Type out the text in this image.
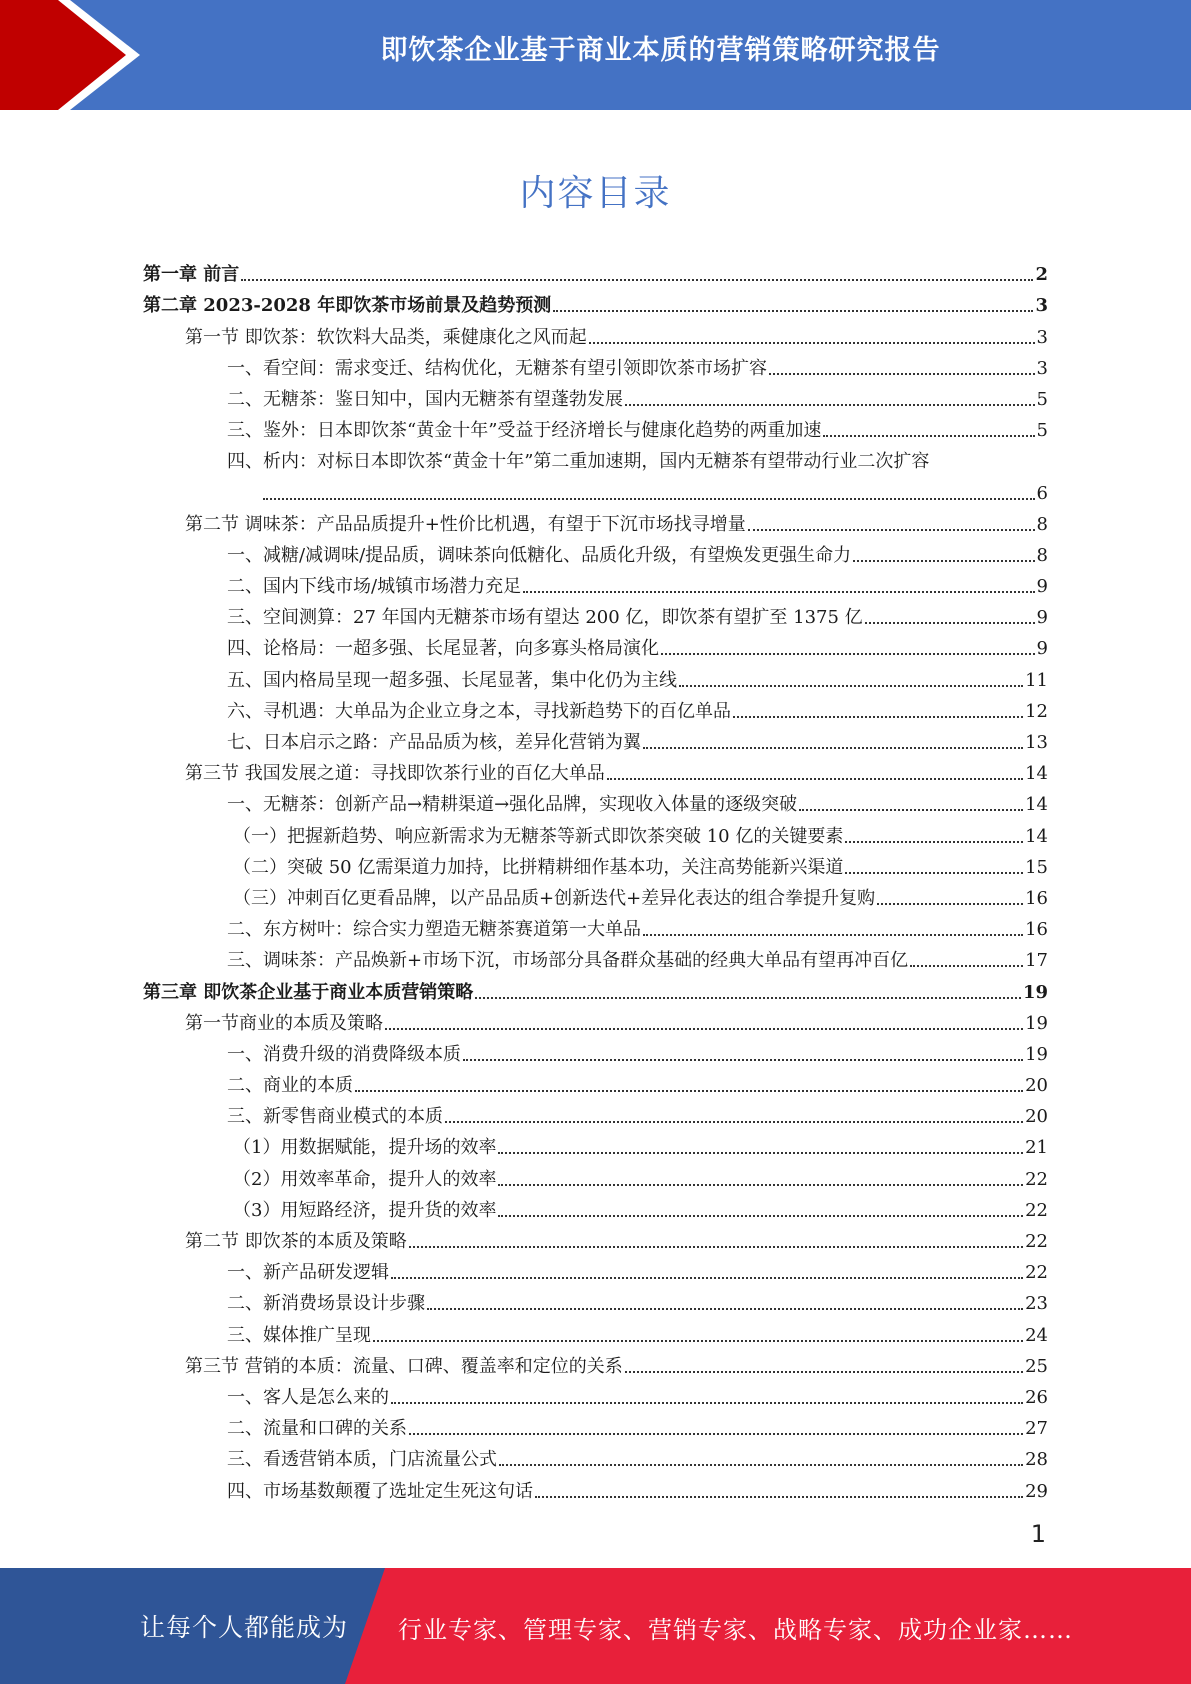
即饮茶企业基于商业本质的营销策略研究报告
内容目录
第一章 前言	2
第二章 2023-2028 年即饮茶市场前景及趋势预测	3
第一节 即饮茶：软饮料大品类，乘健康化之风而起	3
一、看空间：需求变迁、结构优化，无糖茶有望引领即饮茶市场扩容	3
二、无糖茶：鉴日知中，国内无糖茶有望蓬勃发展	5
三、鉴外：日本即饮茶“黄金十年”受益于经济增长与健康化趋势的两重加速	5
四、析内：对标日本即饮茶“黄金十年”第二重加速期，国内无糖茶有望带动行业二次扩容
6
第二节 调味茶：产品品质提升+性价比机遇，有望于下沉市场找寻增量	8
一、减糖/减调味/提品质，调味茶向低糖化、品质化升级，有望焕发更强生命力	8
二、国内下线市场/城镇市场潜力充足	9
三、空间测算：27 年国内无糖茶市场有望达 200 亿，即饮茶有望扩至 1375 亿	9
四、论格局：一超多强、长尾显著，向多寡头格局演化	9
五、国内格局呈现一超多强、长尾显著，集中化仍为主线	11
六、寻机遇：大单品为企业立身之本，寻找新趋势下的百亿单品	12
七、日本启示之路：产品品质为核，差异化营销为翼	13
第三节 我国发展之道：寻找即饮茶行业的百亿大单品	14
一、无糖茶：创新产品→精耕渠道→强化品牌，实现收入体量的逐级突破	14
（一）把握新趋势、响应新需求为无糖茶等新式即饮茶突破 10 亿的关键要素	14
（二）突破 50 亿需渠道力加持，比拼精耕细作基本功，关注高势能新兴渠道	15
（三）冲刺百亿更看品牌，以产品品质+创新迭代+差异化表达的组合拳提升复购	16
二、东方树叶：综合实力塑造无糖茶赛道第一大单品	16
三、调味茶：产品焕新+市场下沉，市场部分具备群众基础的经典大单品有望再冲百亿	17
第三章 即饮茶企业基于商业本质营销策略	19
第一节商业的本质及策略	19
一、消费升级的消费降级本质	19
二、商业的本质	20
三、新零售商业模式的本质	20
（1）用数据赋能，提升场的效率	21
（2）用效率革命，提升人的效率	22
（3）用短路经济，提升货的效率	22
第二节 即饮茶的本质及策略	22
一、新产品研发逻辑	22
二、新消费场景设计步骤	23
三、媒体推广呈现	24
第三节 营销的本质：流量、口碑、覆盖率和定位的关系	25
一、客人是怎么来的	26
二、流量和口碑的关系	27
三、看透营销本质，门店流量公式	28
四、市场基数颠覆了选址定生死这句话	29
1
让每个人都能成为 行业专家、管理专家、营销专家、战略专家、成功企业家……
